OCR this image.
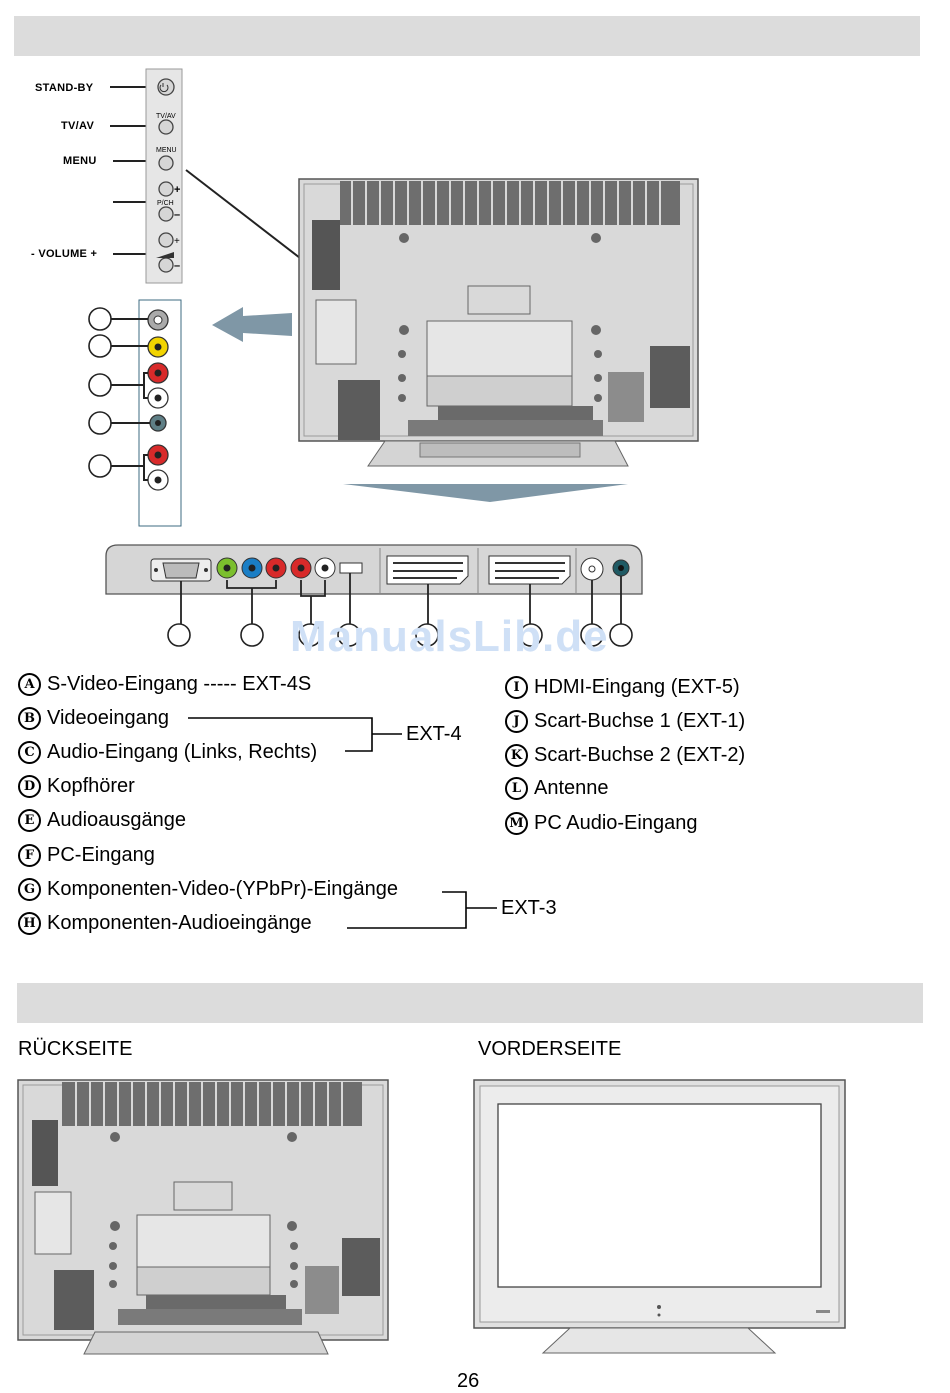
STAND-BY
TV/AV
MENU
- VOLUME +
TV/AV
MENU
P/CH
+
–
+
–
ManualsLib.de
A S-Video-Eingang ----- EXT-4S
B Videoeingang
C Audio-Eingang (Links, Rechts)
D Kopfhörer
E Audioausgänge
F PC-Eingang
G Komponenten-Video-(YPbPr)-Eingänge
H Komponenten-Audioeingänge
I HDMI-Eingang (EXT-5)
J Scart-Buchse 1 (EXT-1)
K Scart-Buchse 2 (EXT-2)
L Antenne
M PC Audio-Eingang
EXT-4
EXT-3
RÜCKSEITE	VORDERSEITE
26
